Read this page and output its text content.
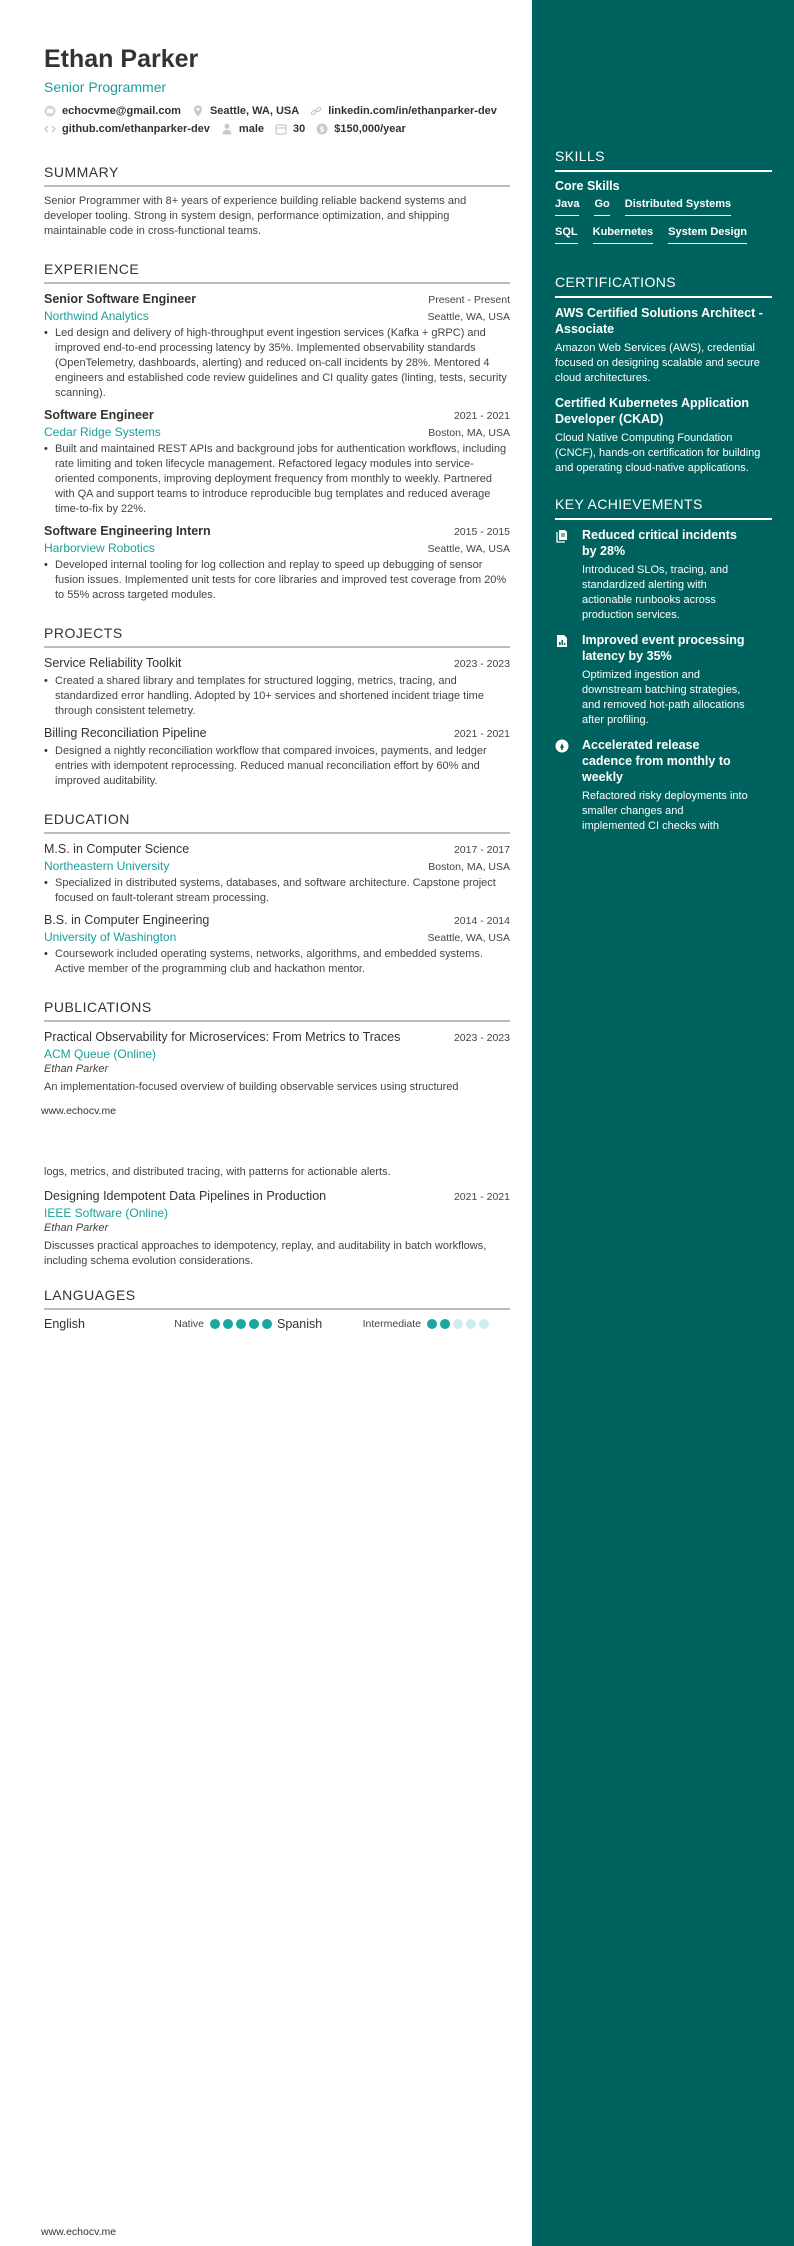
Ethan Parker
Senior Programmer
echocvme@gmail.com	Seattle, WA, USA	linkedin.com/in/ethanparker-dev
github.com/ethanparker-dev	male	30 $ $150,000/year
SUMMARY
Senior Programmer with 8+ years of experience building reliable backend systems and developer tooling. Strong in system design, performance optimization, and shipping maintainable code in cross-functional teams.
EXPERIENCE
Senior Software Engineer	Present - Present
Northwind Analytics	Seattle, WA, USA
• Led design and delivery of high-throughput event ingestion services (Kafka + gRPC) and improved end-to-end processing latency by 35%. Implemented observability standards (OpenTelemetry, dashboards, alerting) and reduced on-call incidents by 28%. Mentored 4 engineers and established code review guidelines and CI quality gates (linting, tests, security scanning).
Software Engineer	2021 - 2021
Cedar Ridge Systems	Boston, MA, USA
• Built and maintained REST APIs and background jobs for authentication workflows, including rate limiting and token lifecycle management. Refactored legacy modules into service-oriented components, improving deployment frequency from monthly to weekly. Partnered with QA and support teams to introduce reproducible bug templates and reduced average time-to-fix by 22%.
Software Engineering Intern	2015 - 2015
Harborview Robotics	Seattle, WA, USA
• Developed internal tooling for log collection and replay to speed up debugging of sensor fusion issues. Implemented unit tests for core libraries and improved test coverage from 20% to 55% across targeted modules.
PROJECTS
Service Reliability Toolkit	2023 - 2023
• Created a shared library and templates for structured logging, metrics, tracing, and standardized error handling. Adopted by 10+ services and shortened incident triage time through consistent telemetry.
Billing Reconciliation Pipeline	2021 - 2021
• Designed a nightly reconciliation workflow that compared invoices, payments, and ledger entries with idempotent reprocessing. Reduced manual reconciliation effort by 60% and improved auditability.
EDUCATION
M.S. in Computer Science	2017 - 2017
Northeastern University	Boston, MA, USA
• Specialized in distributed systems, databases, and software architecture. Capstone project focused on fault-tolerant stream processing.
B.S. in Computer Engineering	2014 - 2014
University of Washington	Seattle, WA, USA
• Coursework included operating systems, networks, algorithms, and embedded systems. Active member of the programming club and hackathon mentor.
PUBLICATIONS
Practical Observability for Microservices: From Metrics to Traces	2023 - 2023
ACM Queue (Online)
Ethan Parker
An implementation-focused overview of building observable services using structured
www.echocv.me
logs, metrics, and distributed tracing, with patterns for actionable alerts.
Designing Idempotent Data Pipelines in Production	2021 - 2021
IEEE Software (Online)
Ethan Parker
Discusses practical approaches to idempotency, replay, and auditability in batch workflows, including schema evolution considerations.
LANGUAGES
English	Native	Spanish	Intermediate
www.echocv.me
SKILLS
Core Skills
Java Go Distributed Systems
SQL Kubernetes System Design
CERTIFICATIONS
AWS Certified Solutions Architect - Associate
Amazon Web Services (AWS), credential focused on designing scalable and secure cloud architectures.
Certified Kubernetes Application Developer (CKAD)
Cloud Native Computing Foundation (CNCF), hands-on certification for building and operating cloud-native applications.
KEY ACHIEVEMENTS
Reduced critical incidents by 28%
Introduced SLOs, tracing, and standardized alerting with actionable runbooks across production services.
Improved event processing latency by 35%
Optimized ingestion and downstream batching strategies, and removed hot-path allocations after profiling.
Accelerated release cadence from monthly to weekly
Refactored risky deployments into smaller changes and implemented CI checks with
